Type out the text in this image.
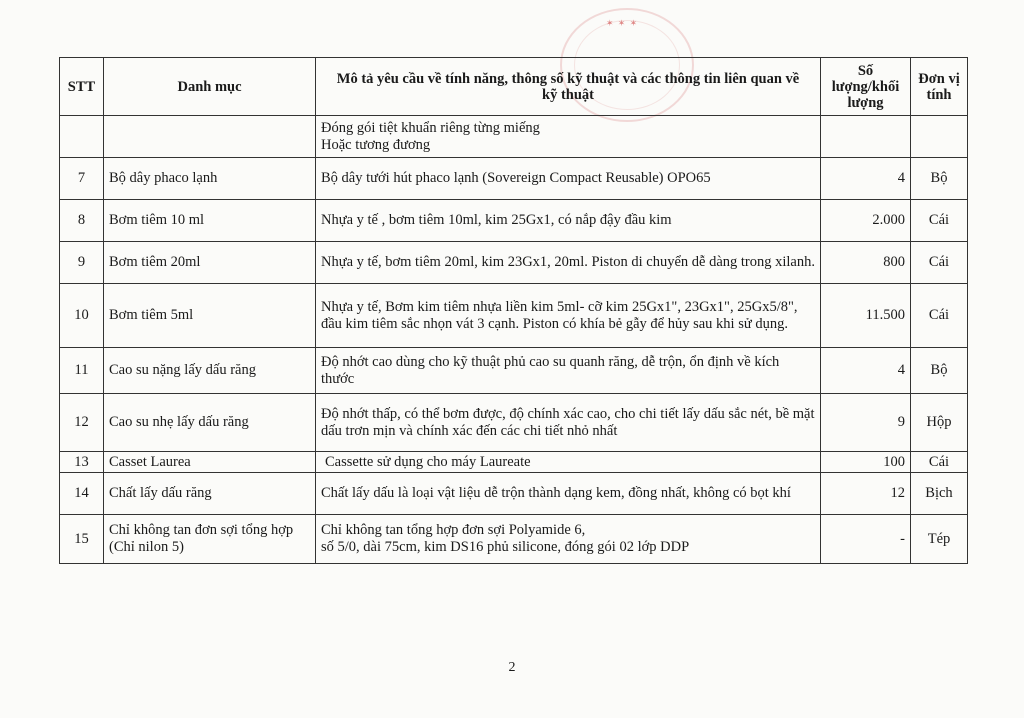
✶ ✶ ✶
STT	Danh mục	Mô tả yêu cầu về tính năng, thông số kỹ thuật và các thông tin liên quan về kỹ thuật	Số lượng/khối lượng	Đơn vị tính

		Đóng gói tiệt khuẩn riêng từng miếng
Hoặc tương đương		

7	Bộ dây phaco lạnh	Bộ dây tưới hút phaco lạnh (Sovereign Compact Reusable) OPO65	4	Bộ
8	Bơm tiêm 10 ml	Nhựa y tế , bơm tiêm 10ml, kim 25Gx1, có nắp đậy đầu kim	2.000	Cái
9	Bơm tiêm 20ml	Nhựa y tế, bơm tiêm 20ml, kim 23Gx1, 20ml. Piston di chuyển dễ dàng trong xilanh.	800	Cái
10	Bơm tiêm 5ml	Nhựa y tế, Bơm kim tiêm nhựa liền kim 5ml- cỡ kim 25Gx1", 23Gx1", 25Gx5/8", đầu kim tiêm sắc nhọn vát 3 cạnh. Piston có khía bẻ gẫy để hủy sau khi sử dụng.	11.500	Cái
11	Cao su nặng lấy dấu răng	Độ nhớt cao dùng cho kỹ thuật phủ cao su quanh răng, dễ trộn, ổn định về kích thước	4	Bộ
12	Cao su nhẹ lấy dấu răng	Độ nhớt thấp, có thể bơm được, độ chính xác cao, cho chi tiết lấy dấu sắc nét, bề mặt dấu trơn mịn và chính xác đến các chi tiết nhỏ nhất	9	Hộp
13	Casset Laurea	Cassette sử dụng cho máy Laureate	100	Cái
14	Chất lấy dấu răng	Chất lấy dấu là loại vật liệu dễ trộn thành dạng kem, đồng nhất, không có bọt khí	12	Bịch
15	Chỉ không tan đơn sợi tổng hợp (Chỉ nilon 5)	Chỉ không tan tổng hợp đơn sợi Polyamide 6,
số 5/0, dài 75cm, kim DS16 phủ silicone, đóng gói 02 lớp DDP	-	Tép
2
